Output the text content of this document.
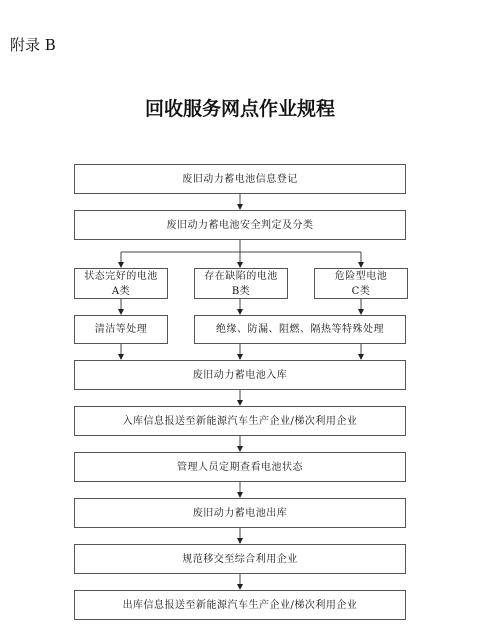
附录 B
回收服务网点作业规程
废旧动力蓄电池信息登记
废旧动力蓄电池安全判定及分类
状态完好的电池
A类
存在缺陷的电池
B类
危险型电池
C类
清洁等处理	绝缘、防漏、阻燃、隔热等特殊处理
废旧动力蓄电池入库
入库信息报送至新能源汽车生产企业/梯次利用企业
管理人员定期查看电池状态
废旧动力蓄电池出库
规范移交至综合利用企业
出库信息报送至新能源汽车生产企业/梯次利用企业
